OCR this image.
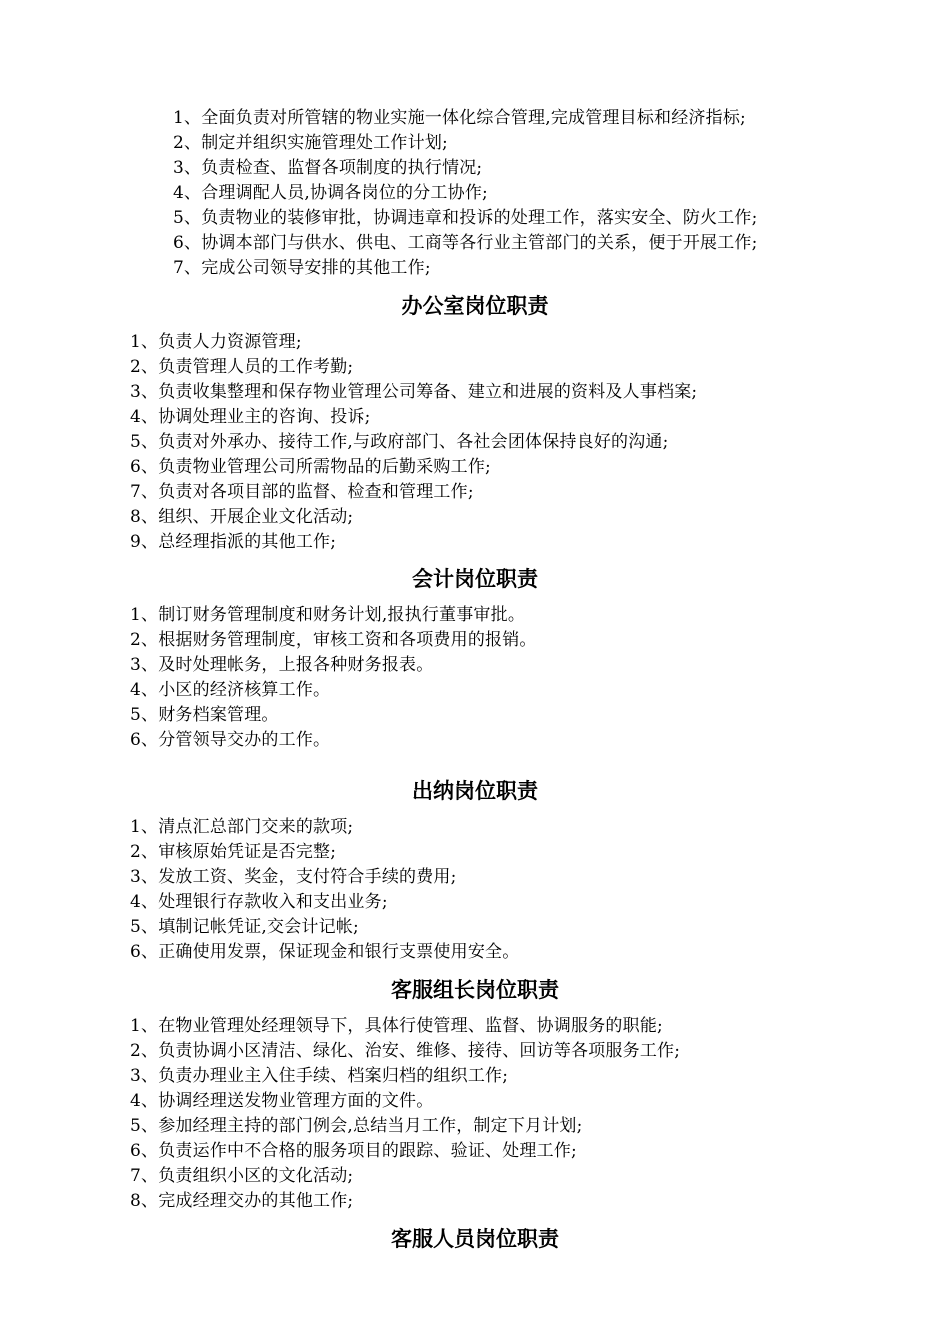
1、全面负责对所管辖的物业实施一体化综合管理,完成管理目标和经济指标;
2、制定并组织实施管理处工作计划;
3、负责检查、监督各项制度的执行情况;
4、合理调配人员,协调各岗位的分工协作;
5、负责物业的装修审批，协调违章和投诉的处理工作，落实安全、防火工作;
6、协调本部门与供水、供电、工商等各行业主管部门的关系，便于开展工作;
7、完成公司领导安排的其他工作;
办公室岗位职责
1、负责人力资源管理;
2、负责管理人员的工作考勤;
3、负责收集整理和保存物业管理公司筹备、建立和进展的资料及人事档案;
4、协调处理业主的咨询、投诉;
5、负责对外承办、接待工作,与政府部门、各社会团体保持良好的沟通;
6、负责物业管理公司所需物品的后勤采购工作;
7、负责对各项目部的监督、检查和管理工作;
8、组织、开展企业文化活动;
9、总经理指派的其他工作;
会计岗位职责
1、制订财务管理制度和财务计划,报执行董事审批。
2、根据财务管理制度，审核工资和各项费用的报销。
3、及时处理帐务，上报各种财务报表。
4、小区的经济核算工作。
5、财务档案管理。
6、分管领导交办的工作。
出纳岗位职责
1、清点汇总部门交来的款项;
2、审核原始凭证是否完整;
3、发放工资、奖金，支付符合手续的费用;
4、处理银行存款收入和支出业务;
5、填制记帐凭证,交会计记帐;
6、正确使用发票，保证现金和银行支票使用安全。
客服组长岗位职责
1、在物业管理处经理领导下，具体行使管理、监督、协调服务的职能;
2、负责协调小区清洁、绿化、治安、维修、接待、回访等各项服务工作;
3、负责办理业主入住手续、档案归档的组织工作;
4、协调经理送发物业管理方面的文件。
5、参加经理主持的部门例会,总结当月工作，制定下月计划;
6、负责运作中不合格的服务项目的跟踪、验证、处理工作;
7、负责组织小区的文化活动;
8、完成经理交办的其他工作;
客服人员岗位职责
